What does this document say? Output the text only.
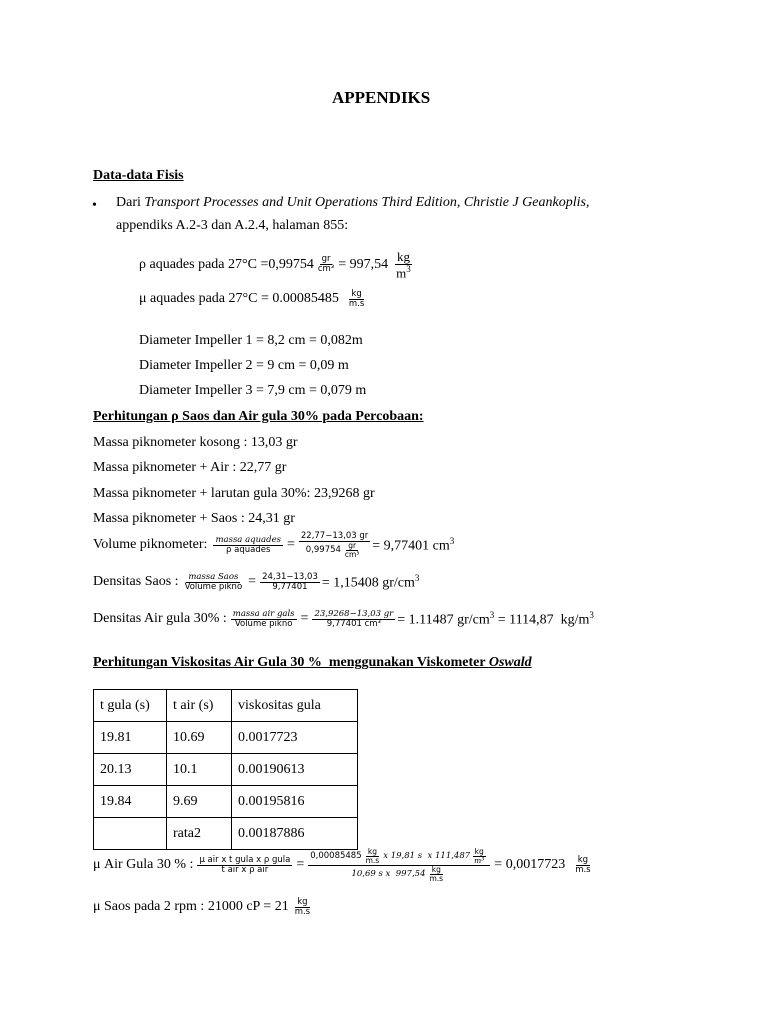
APPENDIKS
Data-data Fisis
• Dari Transport Processes and Unit Operations Third Edition, Christie J Geankoplis,
appendiks A.2-3 dan A.2.4, halaman 855:
ρ aquades pada $27^\circ C =0,99754 \frac{gr}{\text{cm³}} = 997,54 \frac{kg}{m^3}$
μ aquades pada $27^\circ C = 0.00085485 \frac{kg}{m.s}$
Diameter Impeller 1 = 8,2 cm = 0,082m
Diameter Impeller 2 = 9 cm = 0,09 m
Diameter Impeller 3 = 7,9 cm = 0,079 m
Perhitungan ρ Saos dan Air gula 30% pada Percobaan:
Massa piknometer kosong : 13,03 gr
Massa piknometer + Air : 22,77 gr
Massa piknometer + larutan gula 30%: 23,9268 gr
Massa piknometer + Saos : 24,31 gr
Volume piknometer: $\frac{\text{massa aquades}}{\text{ρ aquades}} = \frac{22,77-13,03 gr}{0,99754 \frac{gr}{\text{cm³}}} = 9,77401$ $cm^3$
Densitas Saos : $\frac{\text{massa Saos}}{\text{Volume pikno}} = \frac{24,31-13,03}{9,77401} = 1,15408$ $gr/cm^3$
Densitas Air gula 30% : $\frac{\text{massa air gals}}{\text{Volume pikno}} = \frac{23,9268-13,03 gr}{\text{9,77401 cm³}} = 1.11487$ $gr/cm^3 = 1114,87$  $kg/m^3$
Perhitungan Viskositas Air Gula 30 %  menggunakan Viskometer Oswald
t gula (s)	t air (s)	viskositas gula
19.81	10.69	0.0017723
20.13	10.1	0.00190613
19.84	9.69	0.00195816
	rata2	0.00187886
μ Air Gula 30 % : $\frac{\text{μ air x t gula x ρ gula}}{\text{t air x ρ air}}$ =
$0,00085485 \frac{kg}{m.s}$ x 19,81 s  x $111,487 \frac{kg}{\text{m³}}$
10,69 s x  $997,54 \frac{kg}{m.s}$
= $0,0017723 \frac{kg}{m.s}$
μ Saos pada 2 rpm : 21000 cP = $21 \frac{kg}{m.s}$
